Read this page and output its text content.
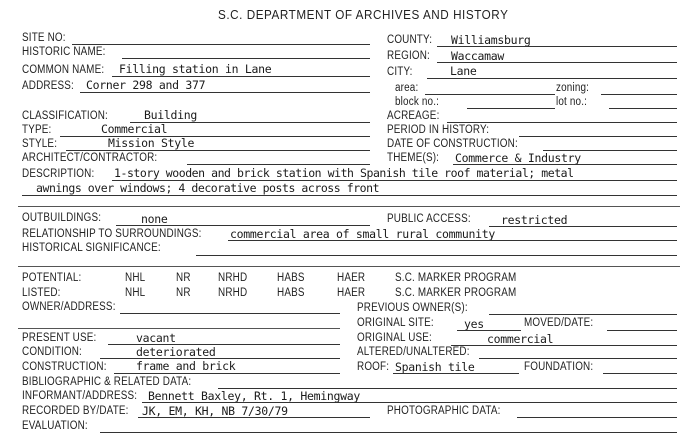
S.C. DEPARTMENT OF ARCHIVES AND HISTORY
SITE NO:
HISTORIC NAME:
COMMON NAME: Filling station in Lane
ADDRESS: Corner 298 and 377
COUNTY: Williamsburg
REGION: Waccamaw
CITY:	Lane
area:	zoning:
block no.:	lot no.:
CLASSIFICATION:	Building	ACREAGE:
TYPE:	Commercial	PERIOD IN HISTORY:
STYLE:	Mission Style	DATE OF CONSTRUCTION:
ARCHITECT/CONTRACTOR:	THEME(S): Commerce & Industry
DESCRIPTION: 1-story wooden and brick station with Spanish tile roof material; metal
awnings over windows; 4 decorative posts across front
OUTBUILDINGS:	none	PUBLIC ACCESS:	restricted
RELATIONSHIP TO SURROUNDINGS: commercial area of small rural community
HISTORICAL SIGNIFICANCE:
POTENTIAL:	NHL	NR NRHD	HABS	HAER	S.C. MARKER PROGRAM
LISTED:	NHL	NR NRHD	HABS	HAER	S.C. MARKER PROGRAM
OWNER/ADDRESS:	PREVIOUS OWNER(S):
ORIGINAL SITE:	yes	MOVED/DATE:
PRESENT USE:	vacant	ORIGINAL USE:	commercial
CONDITION:	deteriorated	ALTERED/UNALTERED:
CONSTRUCTION:	frame and brick	ROOF: Spanish tile	FOUNDATION:
BIBLIOGRAPHIC & RELATED DATA:
INFORMANT/ADDRESS: Bennett Baxley, Rt. 1, Hemingway
RECORDED BY/DATE: JK, EM, KH, NB 7/30/79	PHOTOGRAPHIC DATA:
EVALUATION:
